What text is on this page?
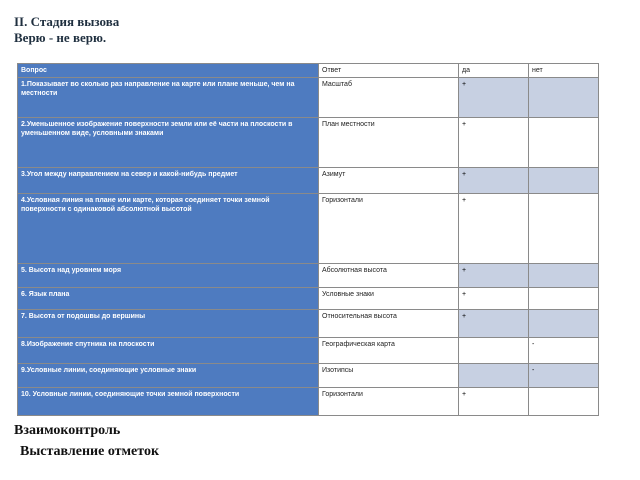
II. Стадия вызова
Верю - не верю.
Вопрос	Ответ	да	нет
1.Показывает во сколько раз направление на карте или плане меньше, чем на местности	Масштаб	+	
2.Уменьшенное изображение поверхности земли или её части на плоскости в уменьшенном виде, условными знаками	План местности	+	
3.Угол между направлением на север и какой-нибудь предмет	Азимут	+	
4.Условная линия на плане или карте, которая соединяет точки земной поверхности с одинаковой абсолютной высотой	Горизонтали	+	
5. Высота над уровнем моря	Абсолютная высота	+	
6. Язык плана	Условные знаки	+	
7. Высота от подошвы до вершины	Относительная высота	+	
8.Изображение спутника на плоскости	Географическая карта		-
9.Условные линии, соединяющие условные знаки	Изотипсы		-
10. Условные линии, соединяющие точки земной поверхности	Горизонтали	+	
Взаимоконтроль
Выставление отметок
